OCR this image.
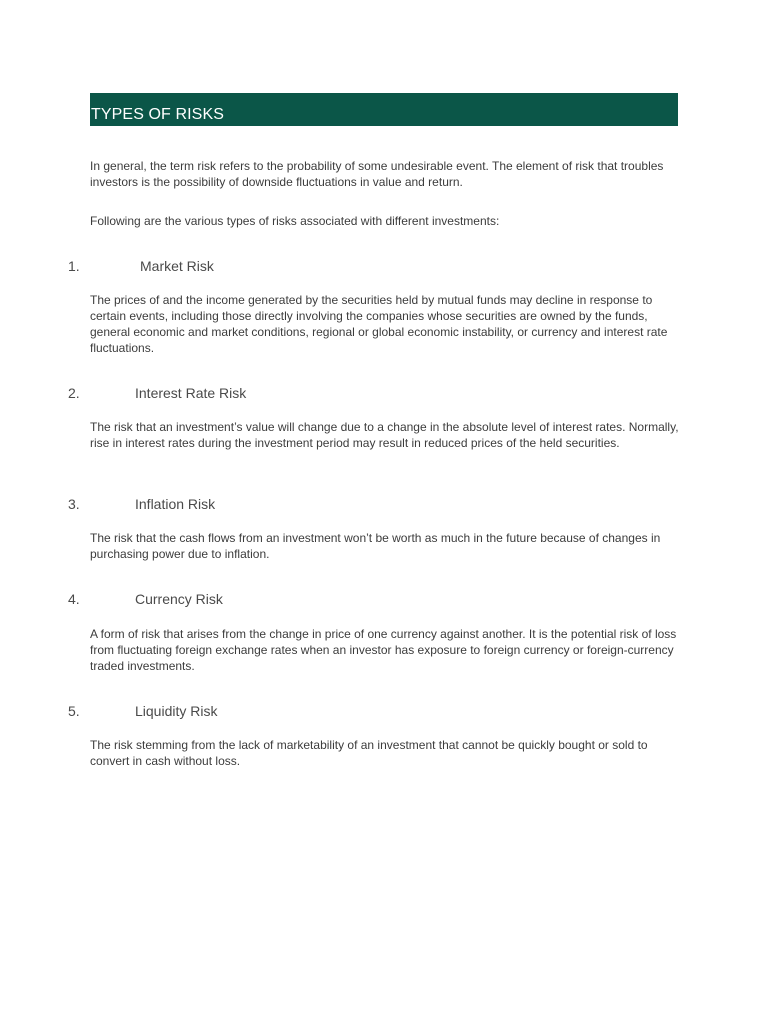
TYPES OF RISKS

In general, the term risk refers to the probability of some undesirable event. The element of risk that troubles investors is the possibility of downside fluctuations in value and return.

Following are the various types of risks associated with different investments:

1.	Market Risk

The prices of and the income generated by the securities held by mutual funds may decline in response to certain events, including those directly involving the companies whose securities are owned by the funds, general economic and market conditions, regional or global economic instability, or currency and interest rate fluctuations.

2.	Interest Rate Risk

The risk that an investment’s value will change due to a change in the absolute level of interest rates. Normally, rise in interest rates during the investment period may result in reduced prices of the held securities.

3.	Inflation Risk

The risk that the cash flows from an investment won’t be worth as much in the future because of changes in purchasing power due to inflation.

4.	Currency Risk

A form of risk that arises from the change in price of one currency against another. It is the potential risk of loss from fluctuating foreign exchange rates when an investor has exposure to foreign currency or foreign-currency traded investments.

5.	Liquidity Risk

The risk stemming from the lack of marketability of an investment that cannot be quickly bought or sold to convert in cash without loss.
